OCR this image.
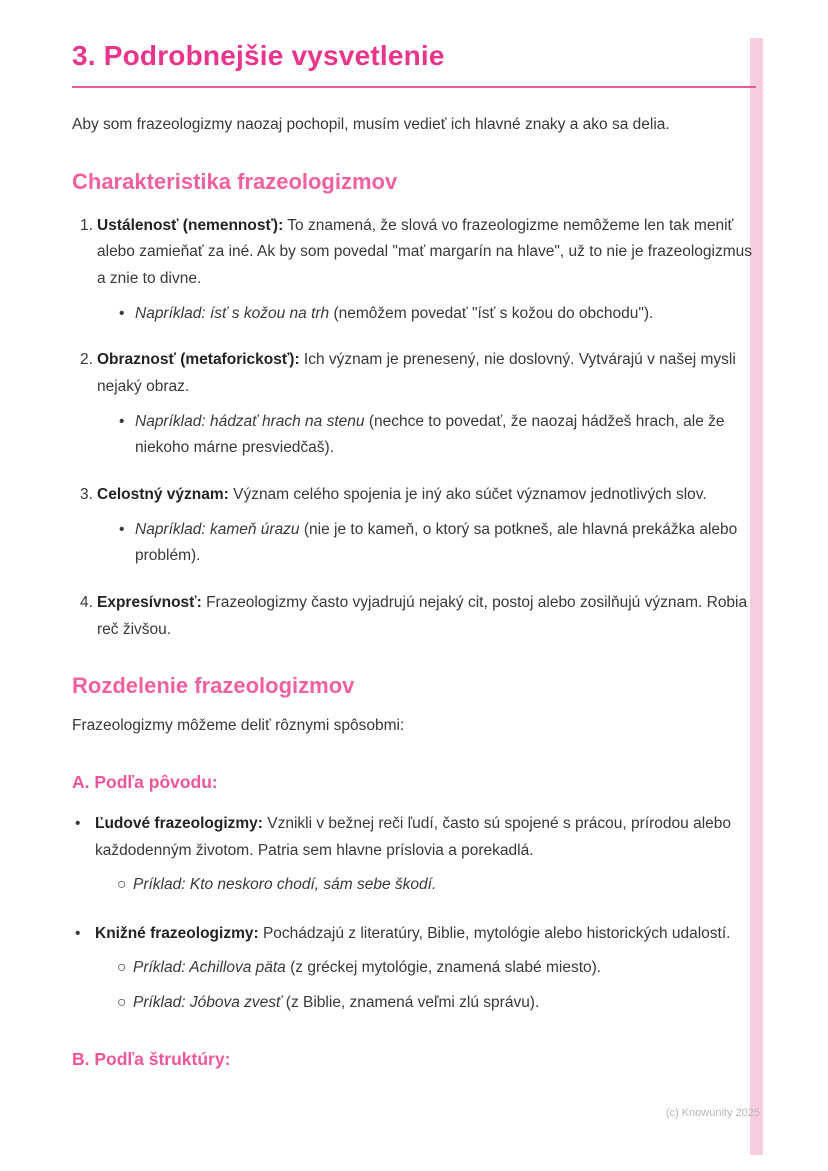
3. Podrobnejšie vysvetlenie

Aby som frazeologizmy naozaj pochopil, musím vedieť ich hlavné znaky a ako sa delia.

Charakteristika frazeologizmov
1. Ustálenosť (nemennosť): To znamená, že slová vo frazeologizme nemôžeme len tak meniť alebo zamieňať za iné. Ak by som povedal "mať margarín na hlave", už to nie je frazeologizmus a znie to divne.

• Napríklad: ísť s kožou na trh (nemôžem povedať "ísť s kožou do obchodu").

2. Obraznosť (metaforickosť): Ich význam je prenesený, nie doslovný. Vytvárajú v našej mysli nejaký obraz.

• Napríklad: hádzať hrach na stenu (nechce to povedať, že naozaj hádžeš hrach, ale že niekoho márne presviedčaš).

3. Celostný význam: Význam celého spojenia je iný ako súčet významov jednotlivých slov.

• Napríklad: kameň úrazu (nie je to kameň, o ktorý sa potkneš, ale hlavná prekážka alebo problém).

4. Expresívnosť: Frazeologizmy často vyjadrujú nejaký cit, postoj alebo zosilňujú význam. Robia reč živšou.

Rozdelenie frazeologizmov

Frazeologizmy môžeme deliť rôznymi spôsobmi:

A. Podľa pôvodu:
• Ľudové frazeologizmy: Vznikli v bežnej reči ľudí, často sú spojené s prácou, prírodou alebo každodenným životom. Patria sem hlavne príslovia a porekadlá.

○ Príklad: Kto neskoro chodí, sám sebe škodí.

• Knižné frazeologizmy: Pochádzajú z literatúry, Biblie, mytológie alebo historických udalostí.

○ Príklad: Achillova päta (z gréckej mytológie, znamená slabé miesto).

○ Príklad: Jóbova zvesť (z Biblie, znamená veľmi zlú správu).

B. Podľa štruktúry:
(c) Knowunity 2025
